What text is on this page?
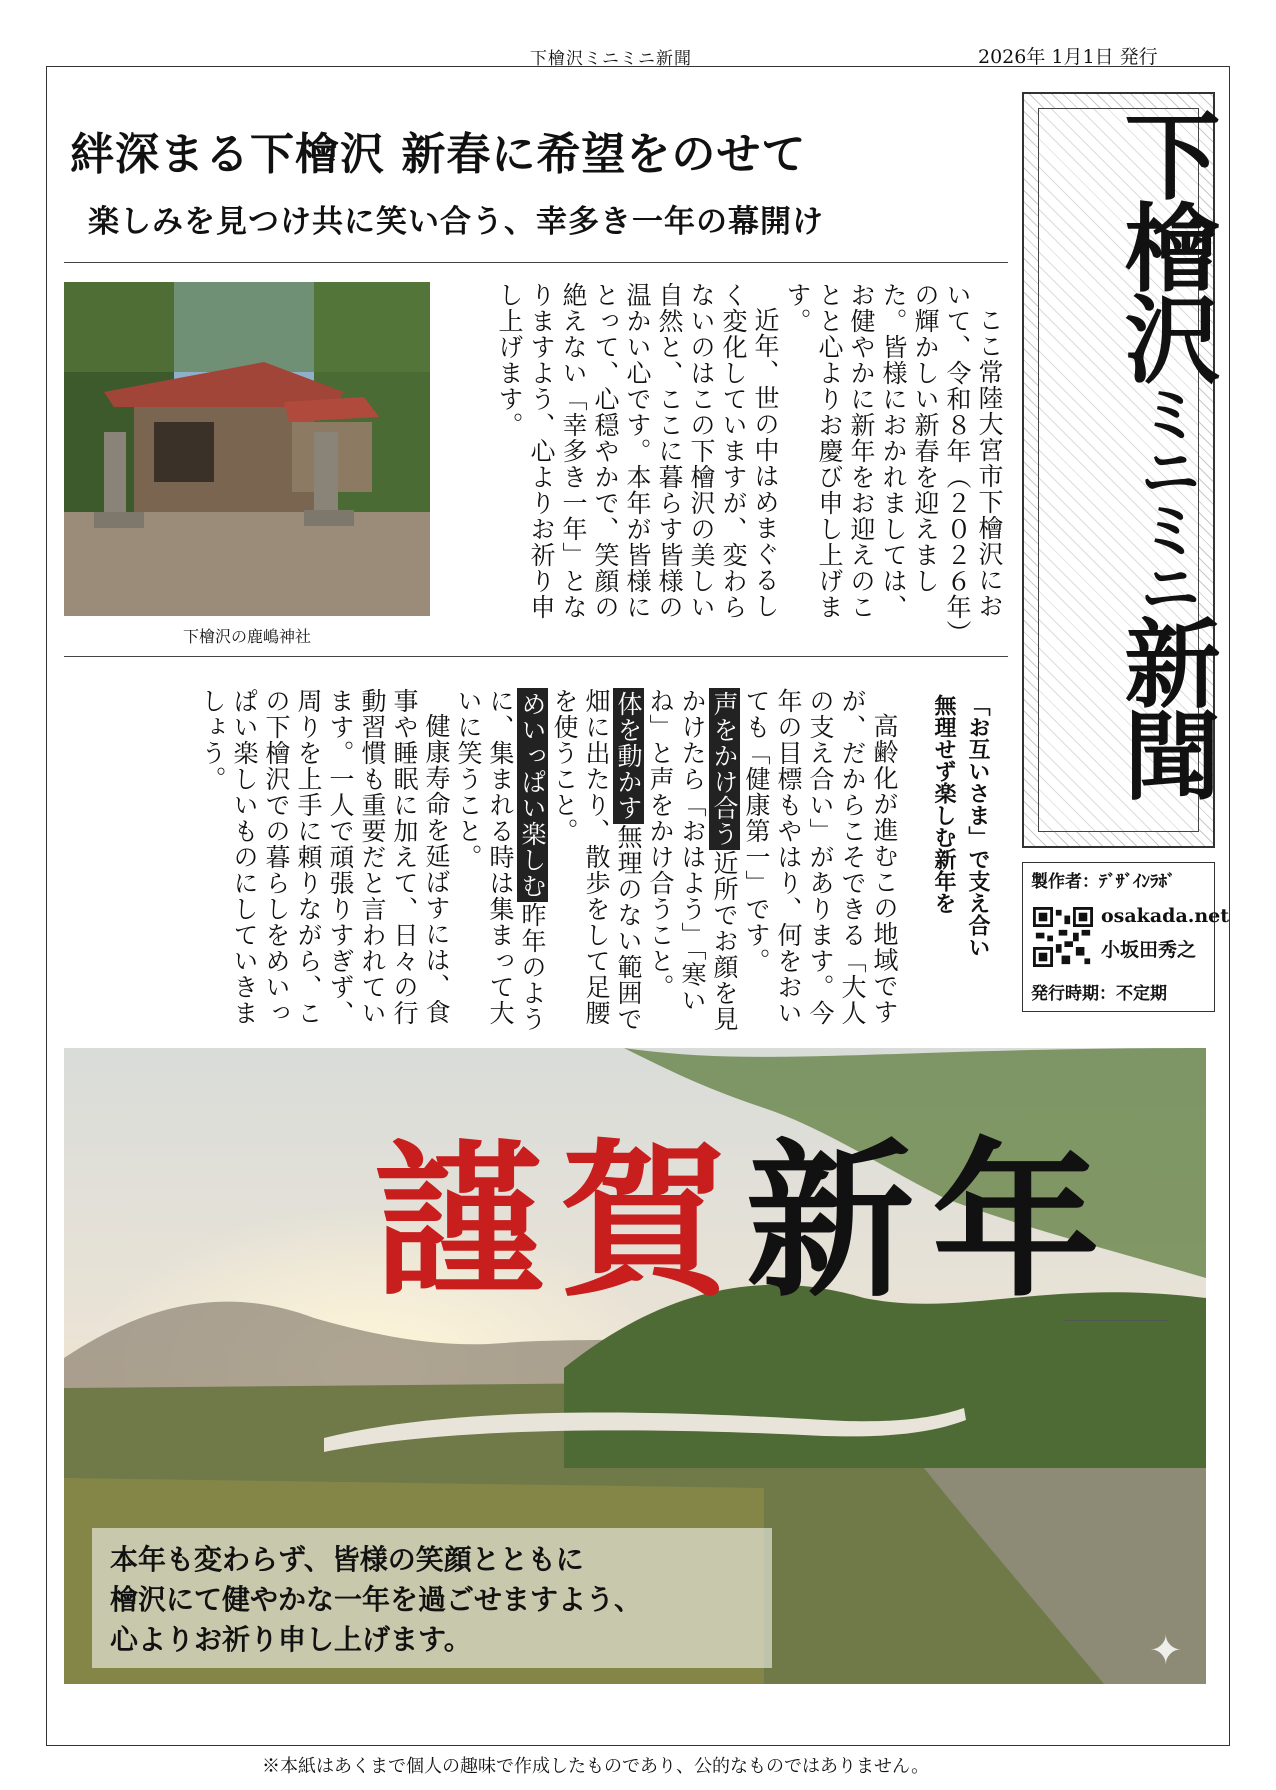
下檜沢ミニミニ新聞	2026年 1月1日 発行
絆深まる下檜沢 新春に希望をのせて
楽しみを見つけ共に笑い合う、幸多き一年の幕開け
下檜沢ミニミニ新聞
製作者：ﾃﾞｻﾞｲﾝﾗﾎﾞ
osakada.net
小坂田秀之
発行時期：不定期
下檜沢の鹿嶋神社

ここ常陸大宮市下檜沢において、令和８年（２０２６年）の輝かしい新春を迎えました。皆様におかれましては、お健やかに新年をお迎えのことと心よりお慶び申し上げます。

近年、世の中はめまぐるしく変化していますが、変わらないのはこの下檜沢の美しい自然と、ここに暮らす皆様の温かい心です。本年が皆様にとって、心穏やかで、笑顔の絶えない「幸多き一年」となりますよう、心よりお祈り申し上げます。

「お互いさま」で支え合い
無理せず楽しむ新年を

高齢化が進むこの地域ですが、だからこそできる「大人の支え合い」があります。今年の目標もやはり、何をおいても「健康第一」です。

声をかけ合う近所でお顔を見かけたら「おはよう」「寒いね」と声をかけ合うこと。

体を動かす無理のない範囲で畑に出たり、散歩をして足腰を使うこと。

めいっぱい楽しむ昨年のように、集まれる時は集まって大いに笑うこと。

健康寿命を延ばすには、食事や睡眠に加えて、日々の行動習慣も重要だと言われています。一人で頑張りすぎず、周りを上手に頼りながら、この下檜沢での暮らしをめいっぱい楽しいものにしていきましょう。

謹賀新年
本年も変わらず、皆様の笑顔とともに
檜沢にて健やかな一年を過ごせますよう、
心よりお祈り申し上げます。	✦
※本紙はあくまで個人の趣味で作成したものであり、公的なものではありません。
